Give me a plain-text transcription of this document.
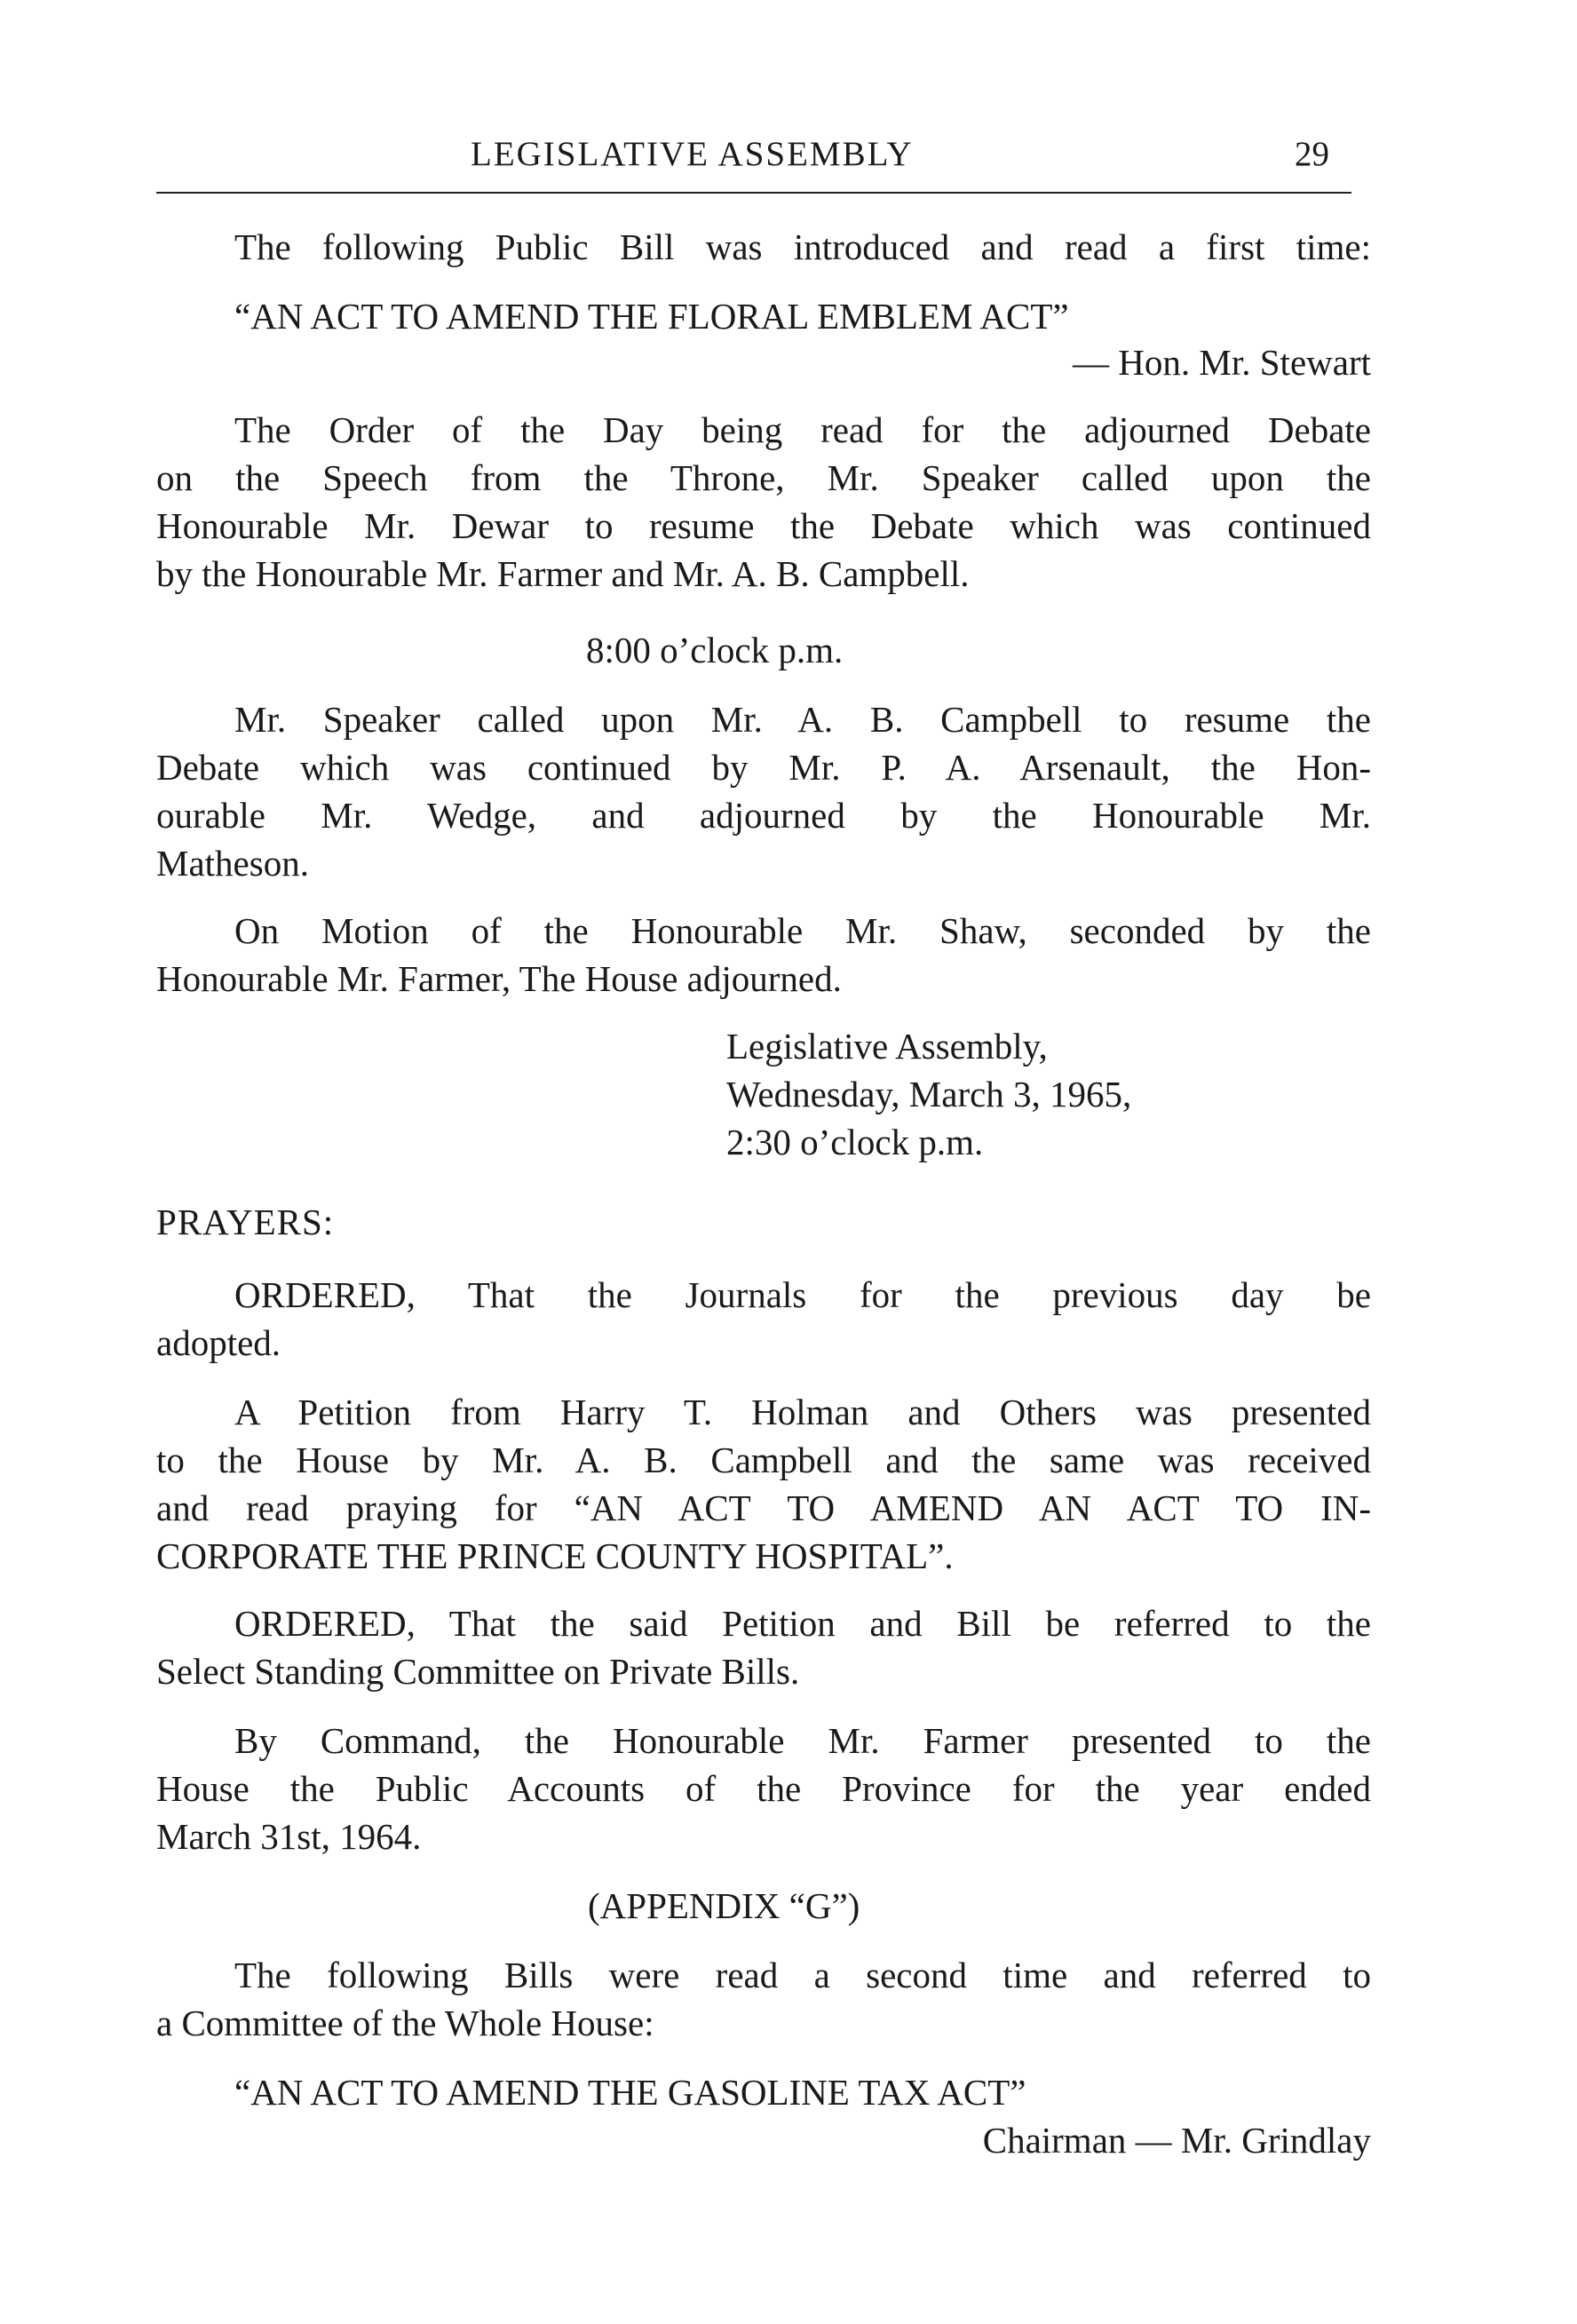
LEGISLATIVE ASSEMBLY	29
The following Public Bill was introduced and read a first time:
“AN ACT TO AMEND THE FLORAL EMBLEM ACT”
— Hon. Mr. Stewart
The Order of the Day being read for the adjourned Debate
on the Speech from the Throne, Mr. Speaker called upon the
Honourable Mr. Dewar to resume the Debate which was continued
by the Honourable Mr. Farmer and Mr. A. B. Campbell.
8:00 o’clock p.m.
Mr. Speaker called upon Mr. A. B. Campbell to resume the
Debate which was continued by Mr. P. A. Arsenault, the Hon-
ourable Mr. Wedge, and adjourned by the Honourable Mr.
Matheson.
On Motion of the Honourable Mr. Shaw, seconded by the
Honourable Mr. Farmer, The House adjourned.
Legislative Assembly,
Wednesday, March 3, 1965,
2:30 o’clock p.m.
PRAYERS:
ORDERED, That the Journals for the previous day be
adopted.
A Petition from Harry T. Holman and Others was presented
to the House by Mr. A. B. Campbell and the same was received
and read praying for “AN ACT TO AMEND AN ACT TO IN-
CORPORATE THE PRINCE COUNTY HOSPITAL”.
ORDERED, That the said Petition and Bill be referred to the
Select Standing Committee on Private Bills.
By Command, the Honourable Mr. Farmer presented to the
House the Public Accounts of the Province for the year ended
March 31st, 1964.
(APPENDIX “G”)
The following Bills were read a second time and referred to
a Committee of the Whole House:
“AN ACT TO AMEND THE GASOLINE TAX ACT”
Chairman — Mr. Grindlay
